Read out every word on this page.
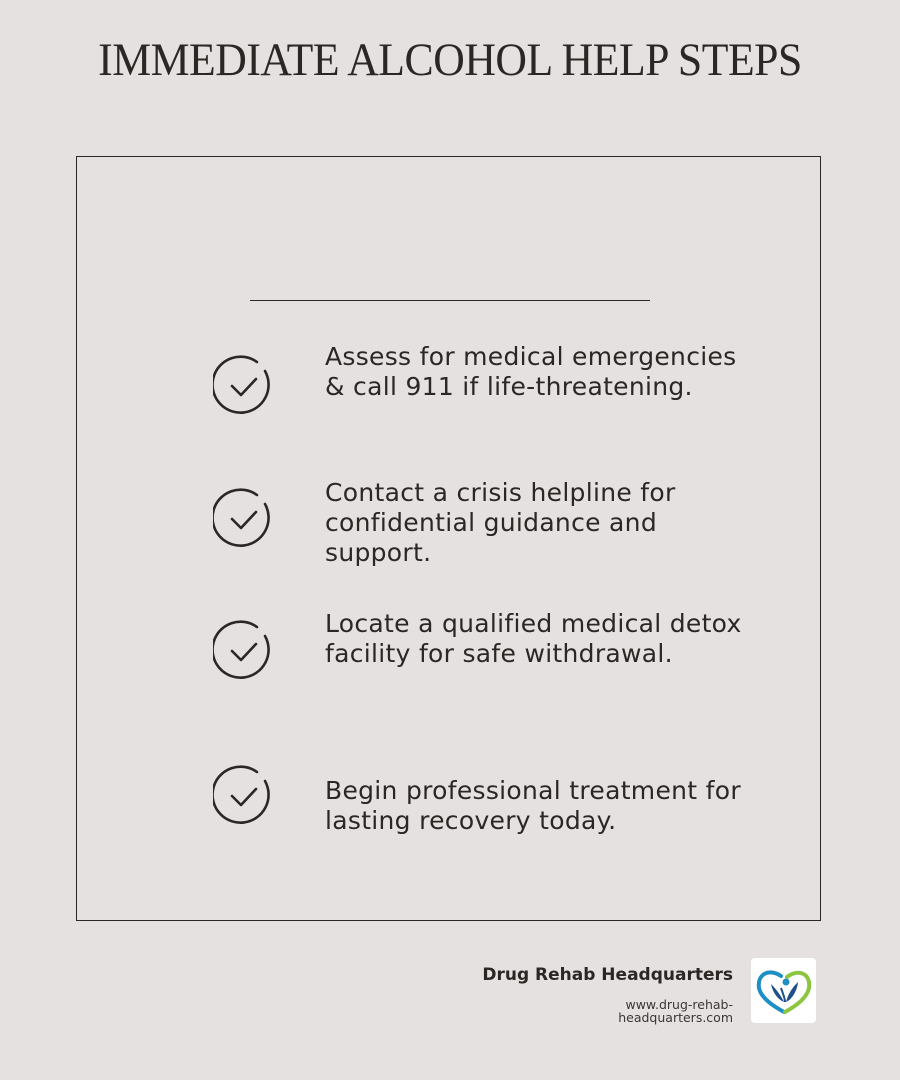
IMMEDIATE ALCOHOL HELP STEPS
Assess for medical emergencies & call 911 if life-threatening.
Contact a crisis helpline for confidential guidance and support.
Locate a qualified medical detox facility for safe withdrawal.
Begin professional treatment for lasting recovery today.
Drug Rehab Headquarters
www.drug-rehab-headquarters.com
